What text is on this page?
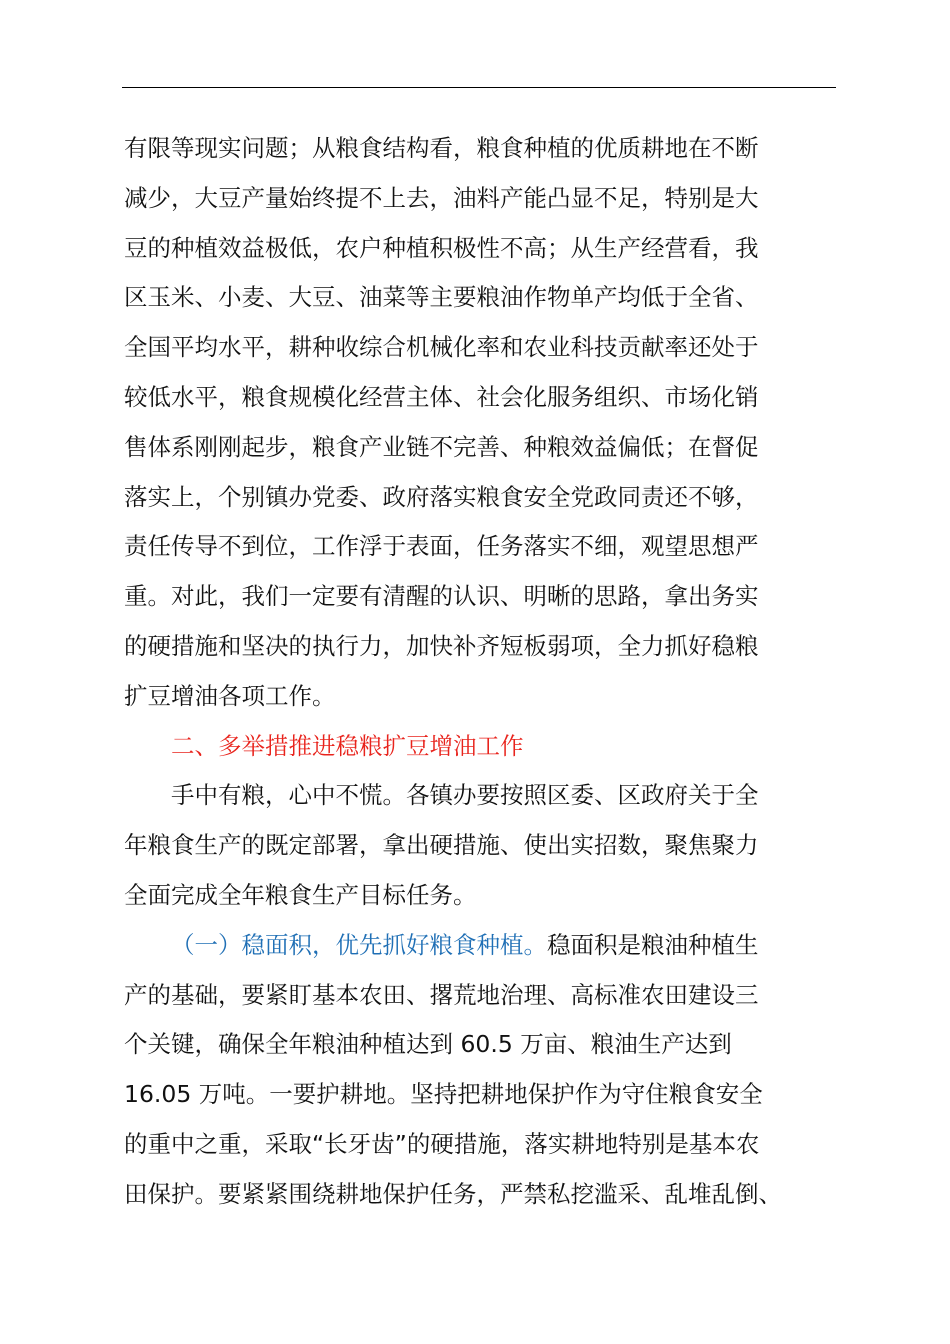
有限等现实问题；从粮食结构看，粮食种植的优质耕地在不断
减少，大豆产量始终提不上去，油料产能凸显不足，特别是大
豆的种植效益极低，农户种植积极性不高；从生产经营看，我
区玉米、小麦、大豆、油菜等主要粮油作物单产均低于全省、
全国平均水平，耕种收综合机械化率和农业科技贡献率还处于
较低水平，粮食规模化经营主体、社会化服务组织、市场化销
售体系刚刚起步，粮食产业链不完善、种粮效益偏低；在督促
落实上，个别镇办党委、政府落实粮食安全党政同责还不够，
责任传导不到位，工作浮于表面，任务落实不细，观望思想严
重。对此，我们一定要有清醒的认识、明晰的思路，拿出务实
的硬措施和坚决的执行力，加快补齐短板弱项，全力抓好稳粮
扩豆增油各项工作。
二、多举措推进稳粮扩豆增油工作
手中有粮，心中不慌。各镇办要按照区委、区政府关于全
年粮食生产的既定部署，拿出硬措施、使出实招数，聚焦聚力
全面完成全年粮食生产目标任务。
（一）稳面积，优先抓好粮食种植。稳面积是粮油种植生
产的基础，要紧盯基本农田、撂荒地治理、高标准农田建设三
个关键，确保全年粮油种植达到 60.5 万亩、粮油生产达到
16.05 万吨。一要护耕地。坚持把耕地保护作为守住粮食安全
的重中之重，采取“长牙齿”的硬措施，落实耕地特别是基本农
田保护。要紧紧围绕耕地保护任务，严禁私挖滥采、乱堆乱倒、
